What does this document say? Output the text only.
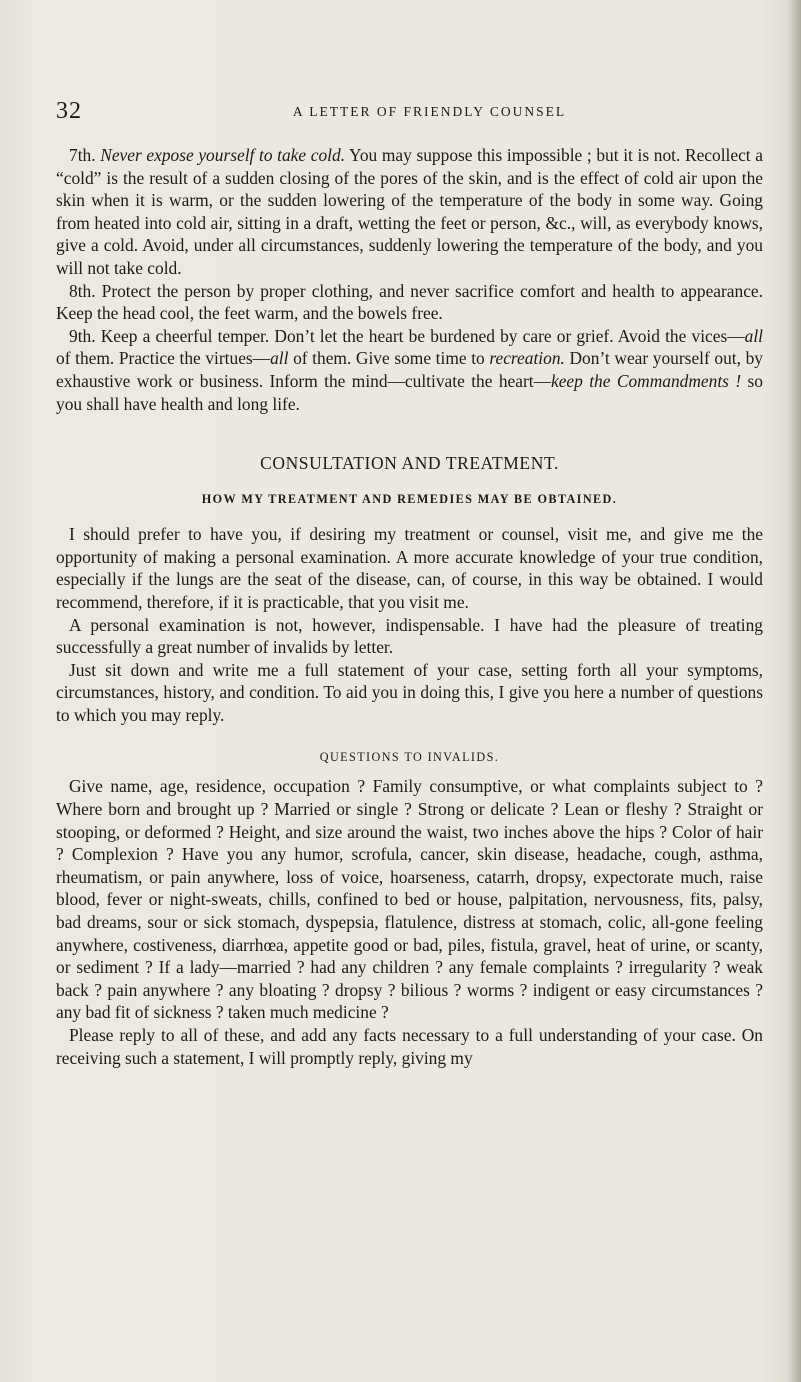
32	A LETTER OF FRIENDLY COUNSEL

7th. Never expose yourself to take cold. You may suppose this impossible ; but it is not. Recollect a “cold” is the result of a sudden closing of the pores of the skin, and is the effect of cold air upon the skin when it is warm, or the sudden lowering of the temperature of the body in some way. Going from heated into cold air, sitting in a draft, wetting the feet or person, &c., will, as everybody knows, give a cold. Avoid, under all circumstances, suddenly lowering the temperature of the body, and you will not take cold.

8th. Protect the person by proper clothing, and never sacrifice comfort and health to appearance. Keep the head cool, the feet warm, and the bowels free.

9th. Keep a cheerful temper. Don’t let the heart be burdened by care or grief. Avoid the vices—all of them. Practice the virtues—all of them. Give some time to recreation. Don’t wear yourself out, by exhaustive work or business. Inform the mind—cultivate the heart—keep the Commandments ! so you shall have health and long life.

CONSULTATION AND TREATMENT.
HOW MY TREATMENT AND REMEDIES MAY BE OBTAINED.

I should prefer to have you, if desiring my treatment or counsel, visit me, and give me the opportunity of making a personal examination. A more accurate knowledge of your true condition, especially if the lungs are the seat of the disease, can, of course, in this way be obtained. I would recommend, therefore, if it is practicable, that you visit me.

A personal examination is not, however, indispensable. I have had the pleasure of treating successfully a great number of invalids by letter.

Just sit down and write me a full statement of your case, setting forth all your symptoms, circumstances, history, and condition. To aid you in doing this, I give you here a number of questions to which you may reply.

QUESTIONS TO INVALIDS.

Give name, age, residence, occupation ? Family consumptive, or what complaints subject to ? Where born and brought up ? Married or single ? Strong or delicate ? Lean or fleshy ? Straight or stooping, or deformed ? Height, and size around the waist, two inches above the hips ? Color of hair ? Complexion ? Have you any humor, scrofula, cancer, skin disease, headache, cough, asthma, rheumatism, or pain anywhere, loss of voice, hoarseness, catarrh, dropsy, expectorate much, raise blood, fever or night-sweats, chills, confined to bed or house, palpitation, nervousness, fits, palsy, bad dreams, sour or sick stomach, dyspepsia, flatulence, distress at stomach, colic, all-gone feeling anywhere, costiveness, diarrhœa, appetite good or bad, piles, fistula, gravel, heat of urine, or scanty, or sediment ? If a lady—married ? had any children ? any female complaints ? irregularity ? weak back ? pain anywhere ? any bloating ? dropsy ? bilious ? worms ? indigent or easy circumstances ? any bad fit of sickness ? taken much medicine ?

Please reply to all of these, and add any facts necessary to a full understanding of your case. On receiving such a statement, I will promptly reply, giving my
